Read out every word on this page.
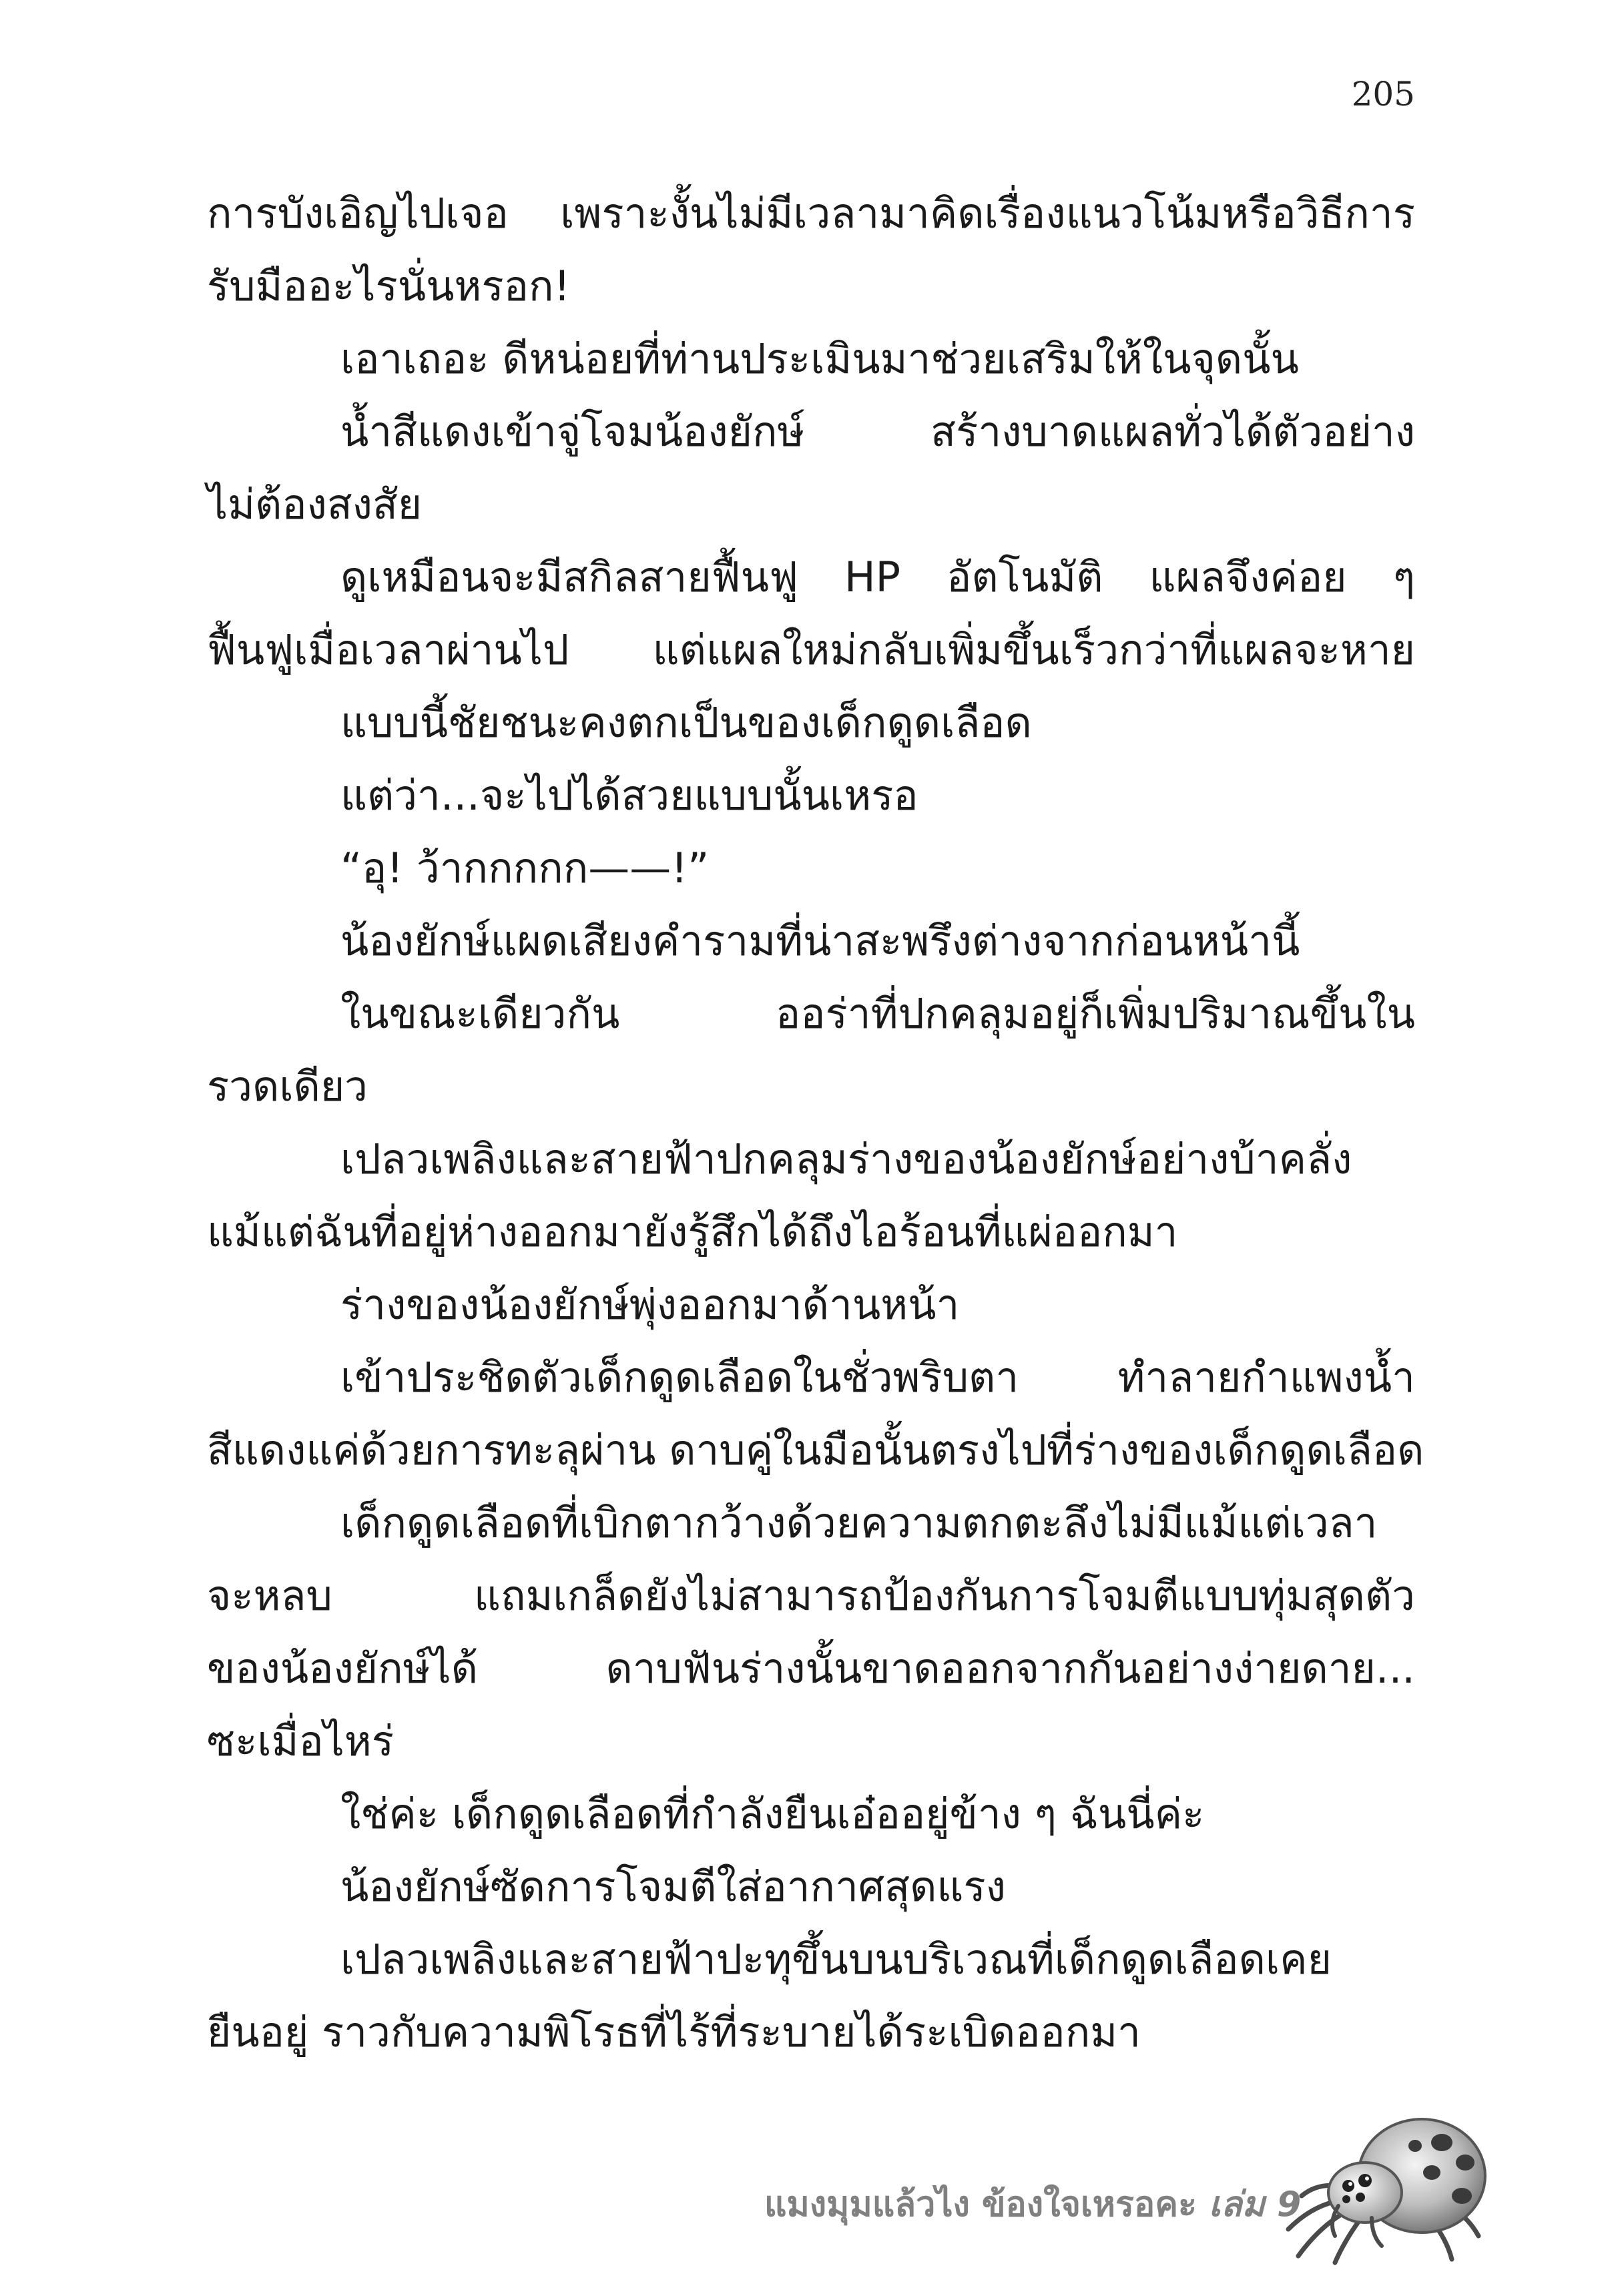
205
การบังเอิญไปเจอ เพราะงั้นไม่มีเวลามาคิดเรื่องแนวโน้มหรือวิธีการ
รับมืออะไรนั่นหรอก!
เอาเถอะ ดีหน่อยที่ท่านประเมินมาช่วยเสริมให้ในจุดนั้น
น้ำสีแดงเข้าจู่โจมน้องยักษ์ สร้างบาดแผลทั่วได้ตัวอย่าง
ไม่ต้องสงสัย
ดูเหมือนจะมีสกิลสายฟื้นฟู HP อัตโนมัติ แผลจึงค่อย ๆ
ฟื้นฟูเมื่อเวลาผ่านไป แต่แผลใหม่กลับเพิ่มขึ้นเร็วกว่าที่แผลจะหาย
แบบนี้ชัยชนะคงตกเป็นของเด็กดูดเลือด
แต่ว่า...จะไปได้สวยแบบนั้นเหรอ
“อุ! ว้ากกกกก——!”
น้องยักษ์แผดเสียงคำรามที่น่าสะพรึงต่างจากก่อนหน้านี้
ในขณะเดียวกัน ออร่าที่ปกคลุมอยู่ก็เพิ่มปริมาณขึ้นใน
รวดเดียว
เปลวเพลิงและสายฟ้าปกคลุมร่างของน้องยักษ์อย่างบ้าคลั่ง
แม้แต่ฉันที่อยู่ห่างออกมายังรู้สึกได้ถึงไอร้อนที่แผ่ออกมา
ร่างของน้องยักษ์พุ่งออกมาด้านหน้า
เข้าประชิดตัวเด็กดูดเลือดในชั่วพริบตา ทำลายกำแพงน้ำ
สีแดงแค่ด้วยการทะลุผ่าน ดาบคู่ในมือนั้นตรงไปที่ร่างของเด็กดูดเลือด
เด็กดูดเลือดที่เบิกตากว้างด้วยความตกตะลึงไม่มีแม้แต่เวลา
จะหลบ แถมเกล็ดยังไม่สามารถป้องกันการโจมตีแบบทุ่มสุดตัว
ของน้องยักษ์ได้ ดาบฟันร่างนั้นขาดออกจากกันอย่างง่ายดาย...
ซะเมื่อไหร่
ใช่ค่ะ เด็กดูดเลือดที่กำลังยืนเอ๋ออยู่ข้าง ๆ ฉันนี่ค่ะ
น้องยักษ์ซัดการโจมตีใส่อากาศสุดแรง
เปลวเพลิงและสายฟ้าปะทุขึ้นบนบริเวณที่เด็กดูดเลือดเคย
ยืนอยู่ ราวกับความพิโรธที่ไร้ที่ระบายได้ระเบิดออกมา
แมงมุมแล้วไง ข้องใจเหรอคะ เล่ม 9
